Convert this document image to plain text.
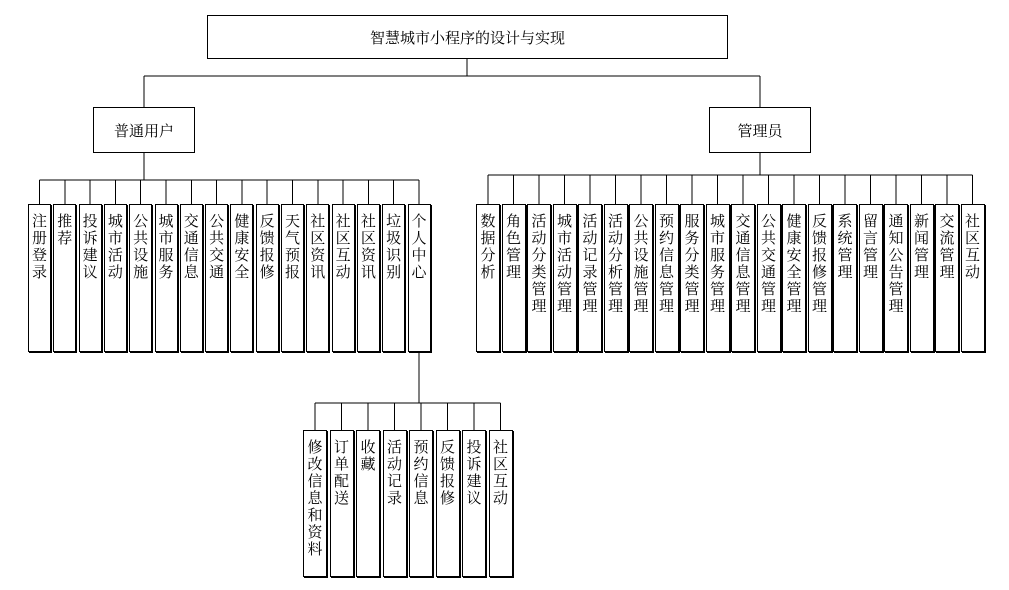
智慧城市小程序的设计与实现
普通用户	管理员
注
册
登
录
推
荐
投
诉
建
议
城
市
活
动
公
共
设
施
城
市
服
务
交
通
信
息
公
共
交
通
健
康
安
全
反
馈
报
修
天
气
预
报
社
区
资
讯
社
区
互
动
社
区
资
讯
垃
圾
识
别
个
人
中
心
数
据
分
析
角
色
管
理
活
动
分
类
管
理
城
市
活
动
管
理
活
动
记
录
管
理
活
动
分
析
管
理
公
共
设
施
管
理
预
约
信
息
管
理
服
务
分
类
管
理
城
市
服
务
管
理
交
通
信
息
管
理
公
共
交
通
管
理
健
康
安
全
管
理
反
馈
报
修
管
理
系
统
管
理
留
言
管
理
通
知
公
告
管
理
新
闻
管
理
交
流
管
理
社
区
互
动
修
改
信
息
和
资
料
订
单
配
送
收
藏
活
动
记
录
预
约
信
息
反
馈
报
修
投
诉
建
议
社
区
互
动
